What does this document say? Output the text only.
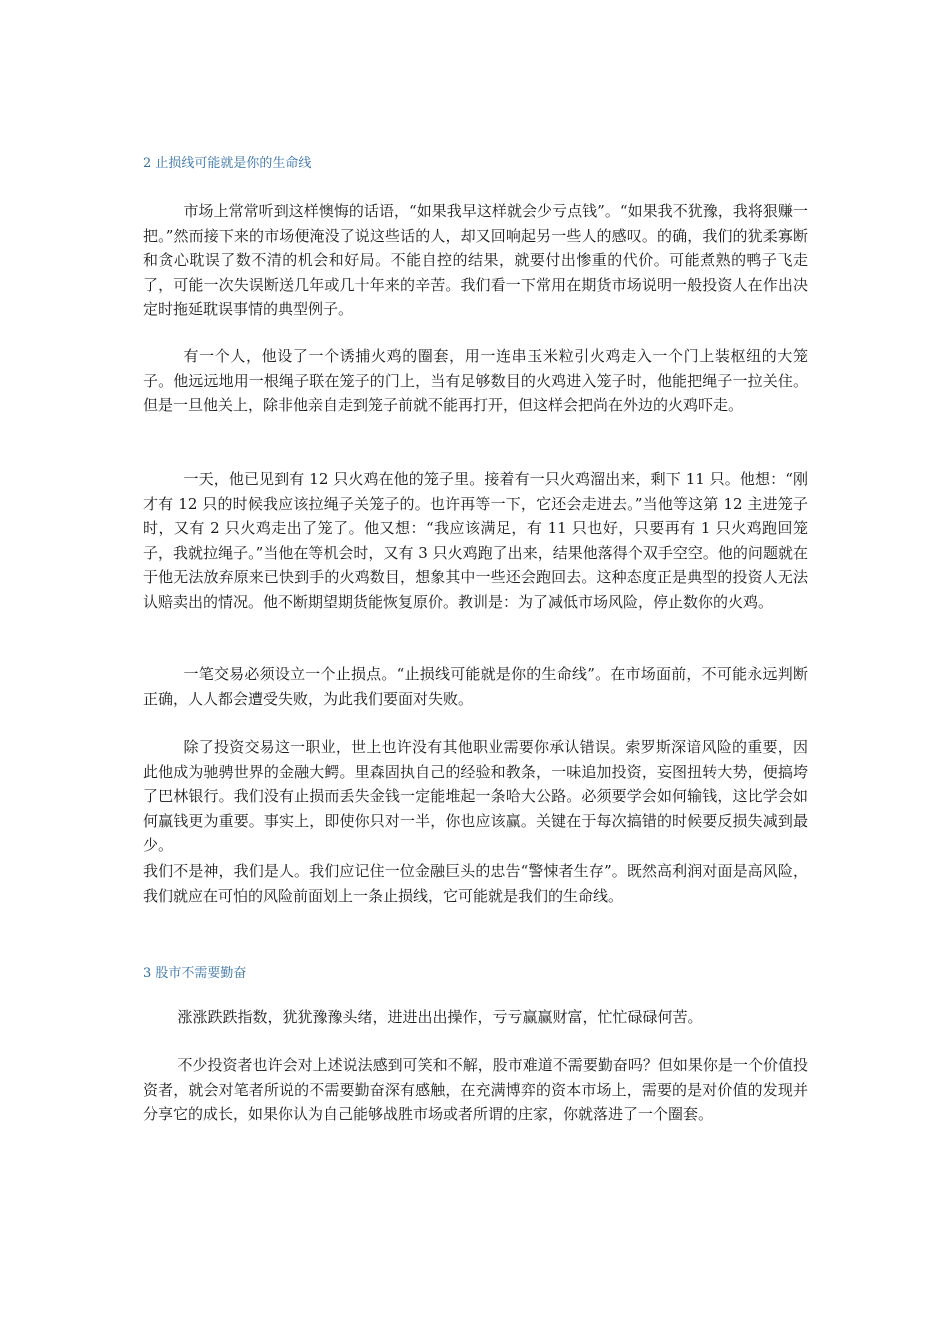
2 止损线可能就是你的生命线

市场上常常听到这样懊悔的话语，“如果我早这样就会少亏点钱”。“如果我不犹豫，我将狠赚一把。”然而接下来的市场便淹没了说这些话的人，却又回响起另一些人的感叹。的确，我们的犹柔寡断和贪心耽误了数不清的机会和好局。不能自控的结果，就要付出惨重的代价。可能煮熟的鸭子飞走了，可能一次失误断送几年或几十年来的辛苦。我们看一下常用在期货市场说明一般投资人在作出决定时拖延耽误事情的典型例子。

有一个人，他设了一个诱捕火鸡的圈套，用一连串玉米粒引火鸡走入一个门上装枢纽的大笼子。他远远地用一根绳子联在笼子的门上，当有足够数目的火鸡进入笼子时，他能把绳子一拉关住。但是一旦他关上，除非他亲自走到笼子前就不能再打开，但这样会把尚在外边的火鸡吓走。

一天，他已见到有 12 只火鸡在他的笼子里。接着有一只火鸡溜出来，剩下 11 只。他想：“刚才有 12 只的时候我应该拉绳子关笼子的。也许再等一下，它还会走进去。”当他等这第 12 主进笼子时，又有 2 只火鸡走出了笼了。他又想：“我应该满足，有 11 只也好，只要再有 1 只火鸡跑回笼子，我就拉绳子。”当他在等机会时，又有 3 只火鸡跑了出来，结果他落得个双手空空。他的问题就在于他无法放弃原来已快到手的火鸡数目，想象其中一些还会跑回去。这种态度正是典型的投资人无法认赔卖出的情况。他不断期望期货能恢复原价。教训是：为了减低市场风险，停止数你的火鸡。

一笔交易必须设立一个止损点。“止损线可能就是你的生命线”。在市场面前，不可能永远判断正确，人人都会遭受失败，为此我们要面对失败。

除了投资交易这一职业，世上也许没有其他职业需要你承认错误。索罗斯深谙风险的重要，因此他成为驰骋世界的金融大鳄。里森固执自己的经验和教条，一味追加投资，妄图扭转大势，便搞垮了巴林银行。我们没有止损而丢失金钱一定能堆起一条哈大公路。必须要学会如何输钱，这比学会如何赢钱更为重要。事实上，即使你只对一半，你也应该赢。关键在于每次搞错的时候要反损失减到最少。

我们不是神，我们是人。我们应记住一位金融巨头的忠告“警悚者生存”。既然高利润对面是高风险，我们就应在可怕的风险前面划上一条止损线，它可能就是我们的生命线。

3 股市不需要勤奋

涨涨跌跌指数，犹犹豫豫头绪，进进出出操作，亏亏赢赢财富，忙忙碌碌何苦。

不少投资者也许会对上述说法感到可笑和不解，股市难道不需要勤奋吗？但如果你是一个价值投资者，就会对笔者所说的不需要勤奋深有感触，在充满博弈的资本市场上，需要的是对价值的发现并分享它的成长，如果你认为自己能够战胜市场或者所谓的庄家，你就落进了一个圈套。
